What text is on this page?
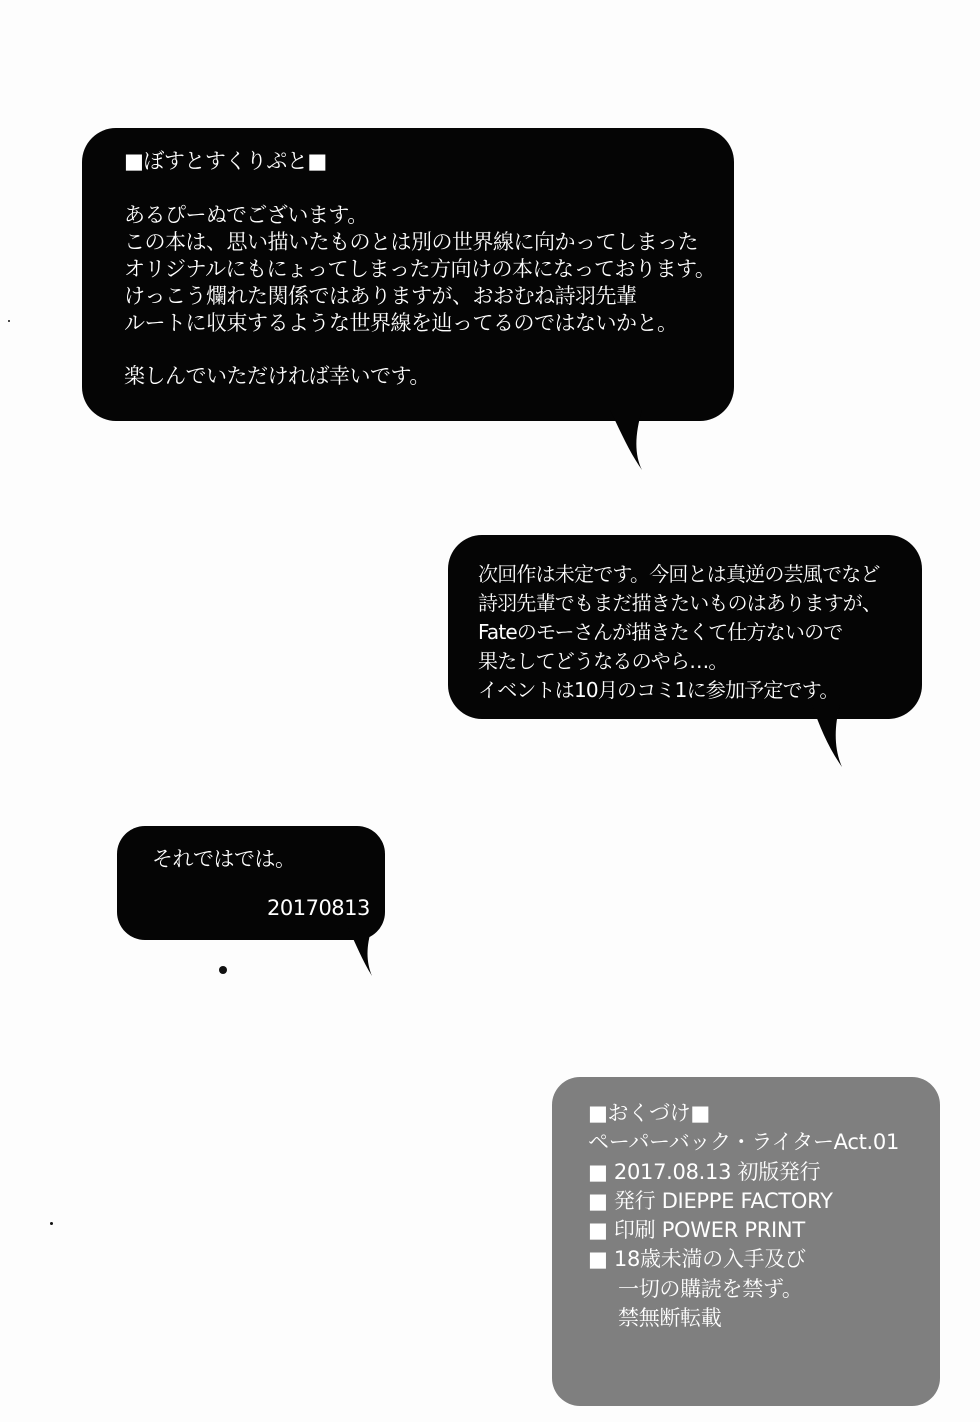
■ぼすとすくりぷと■
あるぴーぬでございます。
この本は、思い描いたものとは別の世界線に向かってしまった
オリジナルにもにょってしまった方向けの本になっております。
けっこう爛れた関係ではありますが、おおむね詩羽先輩
ルートに収束するような世界線を辿ってるのではないかと。
楽しんでいただければ幸いです。
次回作は未定です。今回とは真逆の芸風でなど
詩羽先輩でもまだ描きたいものはありますが、
Fateのモーさんが描きたくて仕方ないので
果たしてどうなるのやら…。
イベントは10月のコミ1に参加予定です。
それではでは。
20170813
■おくづけ■
ペーパーバック・ライターAct.01
■ 2017.08.13 初版発行
■ 発行 DIEPPE FACTORY
■ 印刷 POWER PRINT
■ 18歳未満の入手及び
一切の購読を禁ず。
禁無断転載
